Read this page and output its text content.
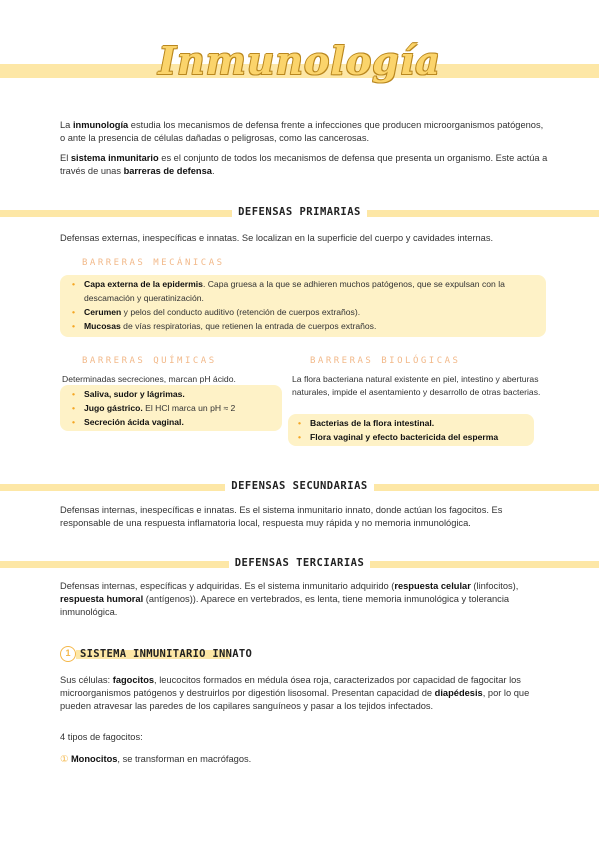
Inmunología

La inmunología estudia los mecanismos de defensa frente a infecciones que producen microorganismos patógenos, o ante la presencia de células dañadas o peligrosas, como las cancerosas.

El sistema inmunitario es el conjunto de todos los mecanismos de defensa que presenta un organismo. Este actúa a través de unas barreras de defensa.

DEFENSAS PRIMARIAS

Defensas externas, inespecíficas e innatas. Se localizan en la superficie del cuerpo y cavidades internas.

BARRERAS MECÁNICAS
• Capa externa de la epidermis. Capa gruesa a la que se adhieren muchos patógenos, que se expulsan con la descamación y queratinización.
• Cerumen y pelos del conducto auditivo (retención de cuerpos extraños).
• Mucosas de vías respiratorias, que retienen la entrada de cuerpos extraños.
BARRERAS QUÍMICAS
Determinadas secreciones, marcan pH ácido.
• Saliva, sudor y lágrimas.
• Jugo gástrico. El HCl marca un pH ≈ 2
• Secreción ácida vaginal.
BARRERAS BIOLÓGICAS
La flora bacteriana natural existente en piel, intestino y aberturas naturales, impide el asentamiento y desarrollo de otras bacterias.
• Bacterias de la flora intestinal.
• Flora vaginal y efecto bactericida del esperma
DEFENSAS SECUNDARIAS

Defensas internas, inespecíficas e innatas. Es el sistema inmunitario innato, donde actúan los fagocitos. Es responsable de una respuesta inflamatoria local, respuesta muy rápida y no memoria inmunológica.

DEFENSAS TERCIARIAS

Defensas internas, específicas y adquiridas. Es el sistema inmunitario adquirido (respuesta celular (linfocitos), respuesta humoral (antígenos)). Aparece en vertebrados, es lenta, tiene memoria inmunológica y tolerancia inmunológica.

1 SISTEMA INMUNITARIO INNATO

Sus células: fagocitos, leucocitos formados en médula ósea roja, caracterizados por capacidad de fagocitar los microorganismos patógenos y destruirlos por digestión lisosomal. Presentan capacidad de diapédesis, por lo que pueden atravesar las paredes de los capilares sanguíneos y pasar a los tejidos infectados.

4 tipos de fagocitos:

① Monocitos, se transforman en macrófagos.
